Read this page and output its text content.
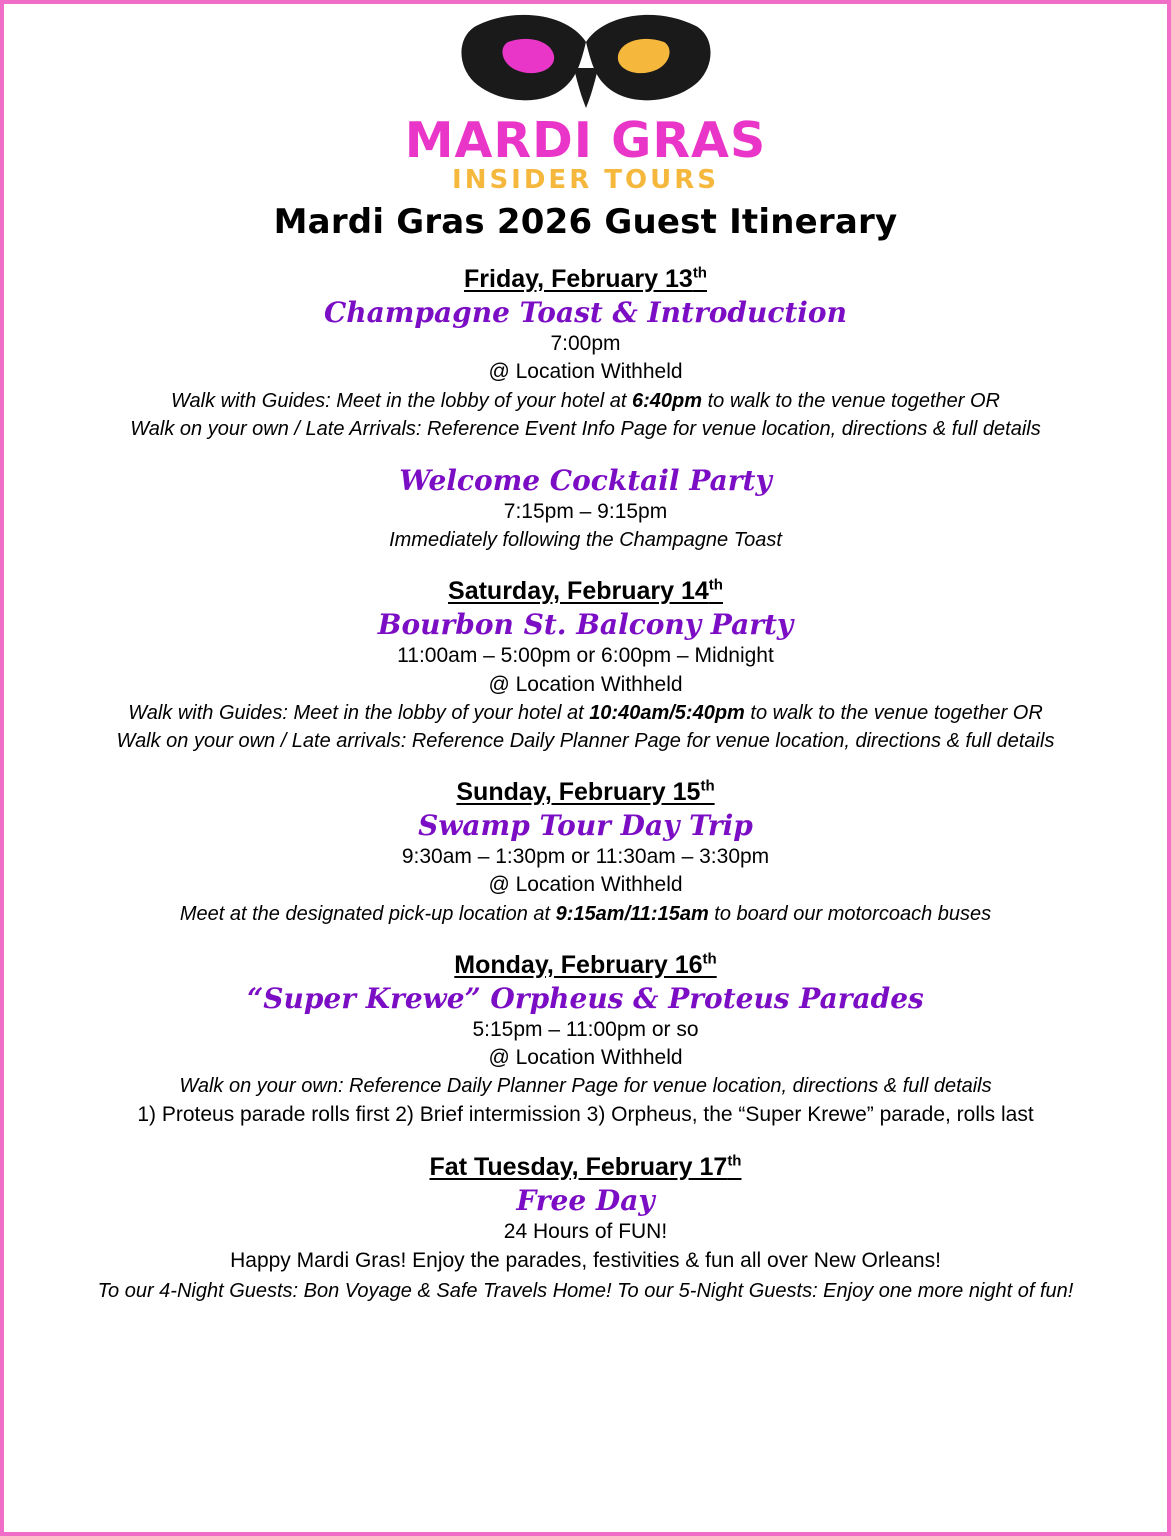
MARDI GRAS
INSIDER TOURS
Mardi Gras 2026 Guest Itinerary
Friday, February 13th
Champagne Toast & Introduction
7:00pm
@ Location Withheld
Walk with Guides: Meet in the lobby of your hotel at 6:40pm to walk to the venue together OR
Walk on your own / Late Arrivals: Reference Event Info Page for venue location, directions & full details
Welcome Cocktail Party
7:15pm – 9:15pm
Immediately following the Champagne Toast
Saturday, February 14th
Bourbon St. Balcony Party
11:00am – 5:00pm or 6:00pm – Midnight
@ Location Withheld
Walk with Guides: Meet in the lobby of your hotel at 10:40am/5:40pm to walk to the venue together OR
Walk on your own / Late arrivals: Reference Daily Planner Page for venue location, directions & full details
Sunday, February 15th
Swamp Tour Day Trip
9:30am – 1:30pm or 11:30am – 3:30pm
@ Location Withheld
Meet at the designated pick-up location at 9:15am/11:15am to board our motorcoach buses
Monday, February 16th
“Super Krewe” Orpheus & Proteus Parades
5:15pm – 11:00pm or so
@ Location Withheld
Walk on your own: Reference Daily Planner Page for venue location, directions & full details
1) Proteus parade rolls first 2) Brief intermission 3) Orpheus, the “Super Krewe” parade, rolls last
Fat Tuesday, February 17th
Free Day
24 Hours of FUN!
Happy Mardi Gras! Enjoy the parades, festivities & fun all over New Orleans!
To our 4-Night Guests: Bon Voyage & Safe Travels Home! To our 5-Night Guests: Enjoy one more night of fun!
